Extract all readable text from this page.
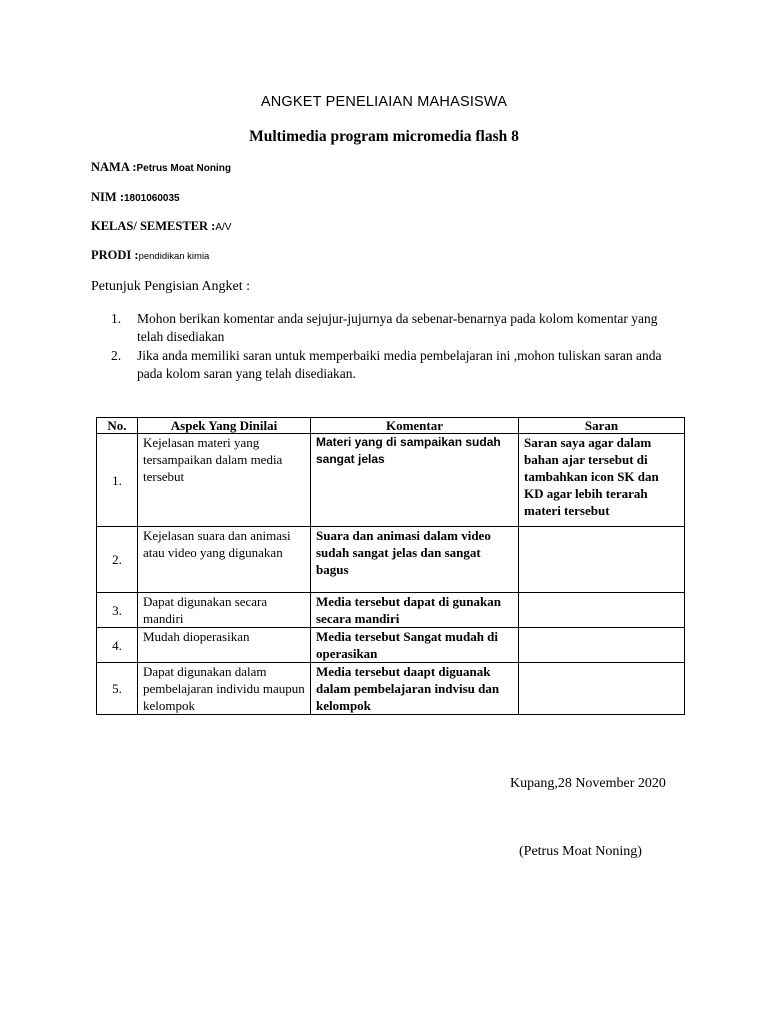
ANGKET PENELIAIAN MAHASISWA
Multimedia program micromedia flash 8
NAMA :Petrus Moat Noning
NIM :1801060035
KELAS/ SEMESTER :A/V
PRODI :pendidikan kimia
Petunjuk Pengisian Angket :
1. Mohon berikan komentar anda sejujur-jujurnya da sebenar-benarnya pada kolom komentar yang telah disediakan
2. Jika anda memiliki saran untuk memperbaiki media pembelajaran ini ,mohon tuliskan saran anda pada kolom saran yang telah disediakan.
No.	Aspek Yang Dinilai	Komentar	Saran
1.	Kejelasan materi yang tersampaikan dalam media tersebut	Materi yang di sampaikan sudah sangat jelas	Saran saya agar dalam bahan ajar tersebut di tambahkan icon SK dan KD agar lebih terarah materi tersebut
2.	Kejelasan suara dan animasi atau video yang digunakan	Suara dan animasi dalam video sudah sangat jelas dan sangat bagus	
3.	Dapat digunakan secara mandiri	Media tersebut dapat di gunakan secara mandiri	
4.	Mudah dioperasikan	Media tersebut Sangat mudah di operasikan	
5.	Dapat digunakan dalam pembelajaran individu maupun kelompok	Media tersebut daapt diguanak dalam pembelajaran indvisu dan kelompok	
Kupang,28 November 2020
(Petrus Moat Noning)
